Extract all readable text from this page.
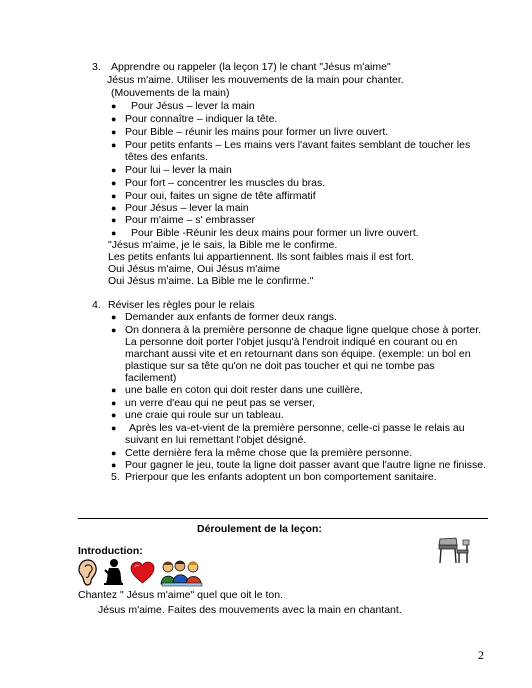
3. Apprendre ou rappeler (la leçon 17) le chant "Jésus m'aime"
Jésus m'aime. Utiliser les mouvements de la main pour chanter.
(Mouvements de la main)
● Pour Jésus – lever la main
● Pour connaître – indiquer la tête.
● Pour Bible – réunir les mains pour former un livre ouvert.
● Pour petits enfants – Les mains vers l'avant faites semblant de toucher les
têtes des enfants.
● Pour lui – lever la main
● Pour fort – concentrer les muscles du bras.
● Pour oui, faites un signe de tête affirmatif
● Pour Jésus – lever la main
● Pour m'aime – s' embrasser
● Pour Bible -Réunir les deux mains pour former un livre ouvert.
"Jésus m'aime, je le sais, la Bible me le confirme.
Les petits enfants lui appartiennent. Ils sont faibles mais il est fort.
Oui Jésus m'aime, Oui Jésus m'aime
Oui Jésus m'aime. La Bible me le confirme."
4. Réviser les règles pour le relais
● Demander aux enfants de former deux rangs.
● On donnera à la première personne de chaque ligne quelque chose à porter.
La personne doit porter l'objet jusqu'à l'endroit indiqué en courant ou en
marchant aussi vite et en retournant dans son équipe. (exemple: un bol en
plastique sur sa tête qu'on ne doit pas toucher et qui ne tombe pas
facilement)
● une balle en coton qui doit rester dans une cuillère,
● un verre d'eau qui ne peut pas se verser,
● une craie qui roule sur un tableau.
● Après les va-et-vient de la première personne, celle-ci passe le relais au
suivant en lui remettant l'objet désigné.
● Cette dernière fera la même chose que la première personne.
● Pour gagner le jeu, toute la ligne doit passer avant que l'autre ligne ne finisse.
5. Prierpour que les enfants adoptent un bon comportement sanitaire.
Déroulement de la leçon:
Introduction:
Chantez " Jésus m'aime" quel que oit le ton.
Jésus m'aime. Faites des mouvements avec la main en chantant.
2
